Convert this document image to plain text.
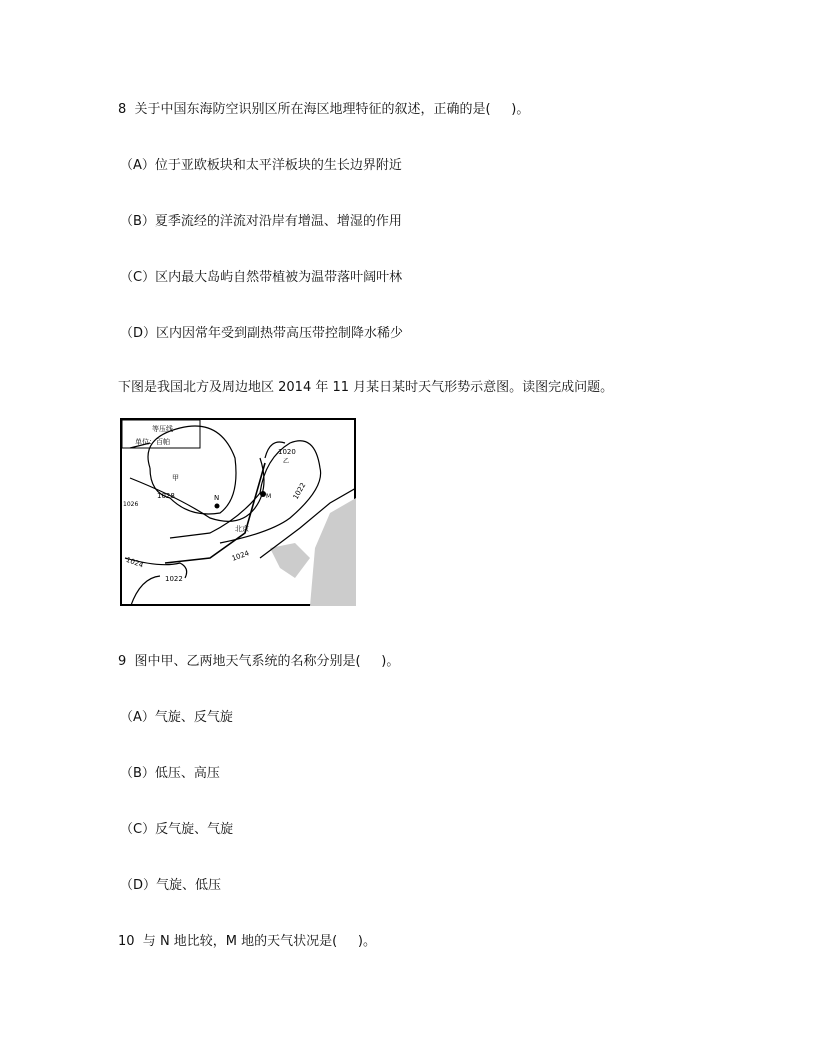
8  关于中国东海防空识别区所在海区地理特征的叙述，正确的是(     )。
（A）位于亚欧板块和太平洋板块的生长边界附近
（B）夏季流经的洋流对沿岸有增温、增湿的作用
（C）区内最大岛屿自然带植被为温带落叶阔叶林
（D）区内因常年受到副热带高压带控制降水稀少
下图是我国北方及周边地区 2014 年 11 月某日某时天气形势示意图。读图完成问题。
等压线
单位：百帕
甲
1028
1026
N	M
1020
乙
1022
北京
1024
1024
1022
9  图中甲、乙两地天气系统的名称分别是(     )。
（A）气旋、反气旋
（B）低压、高压
（C）反气旋、气旋
（D）气旋、低压
10  与 N 地比较，M 地的天气状况是(     )。
